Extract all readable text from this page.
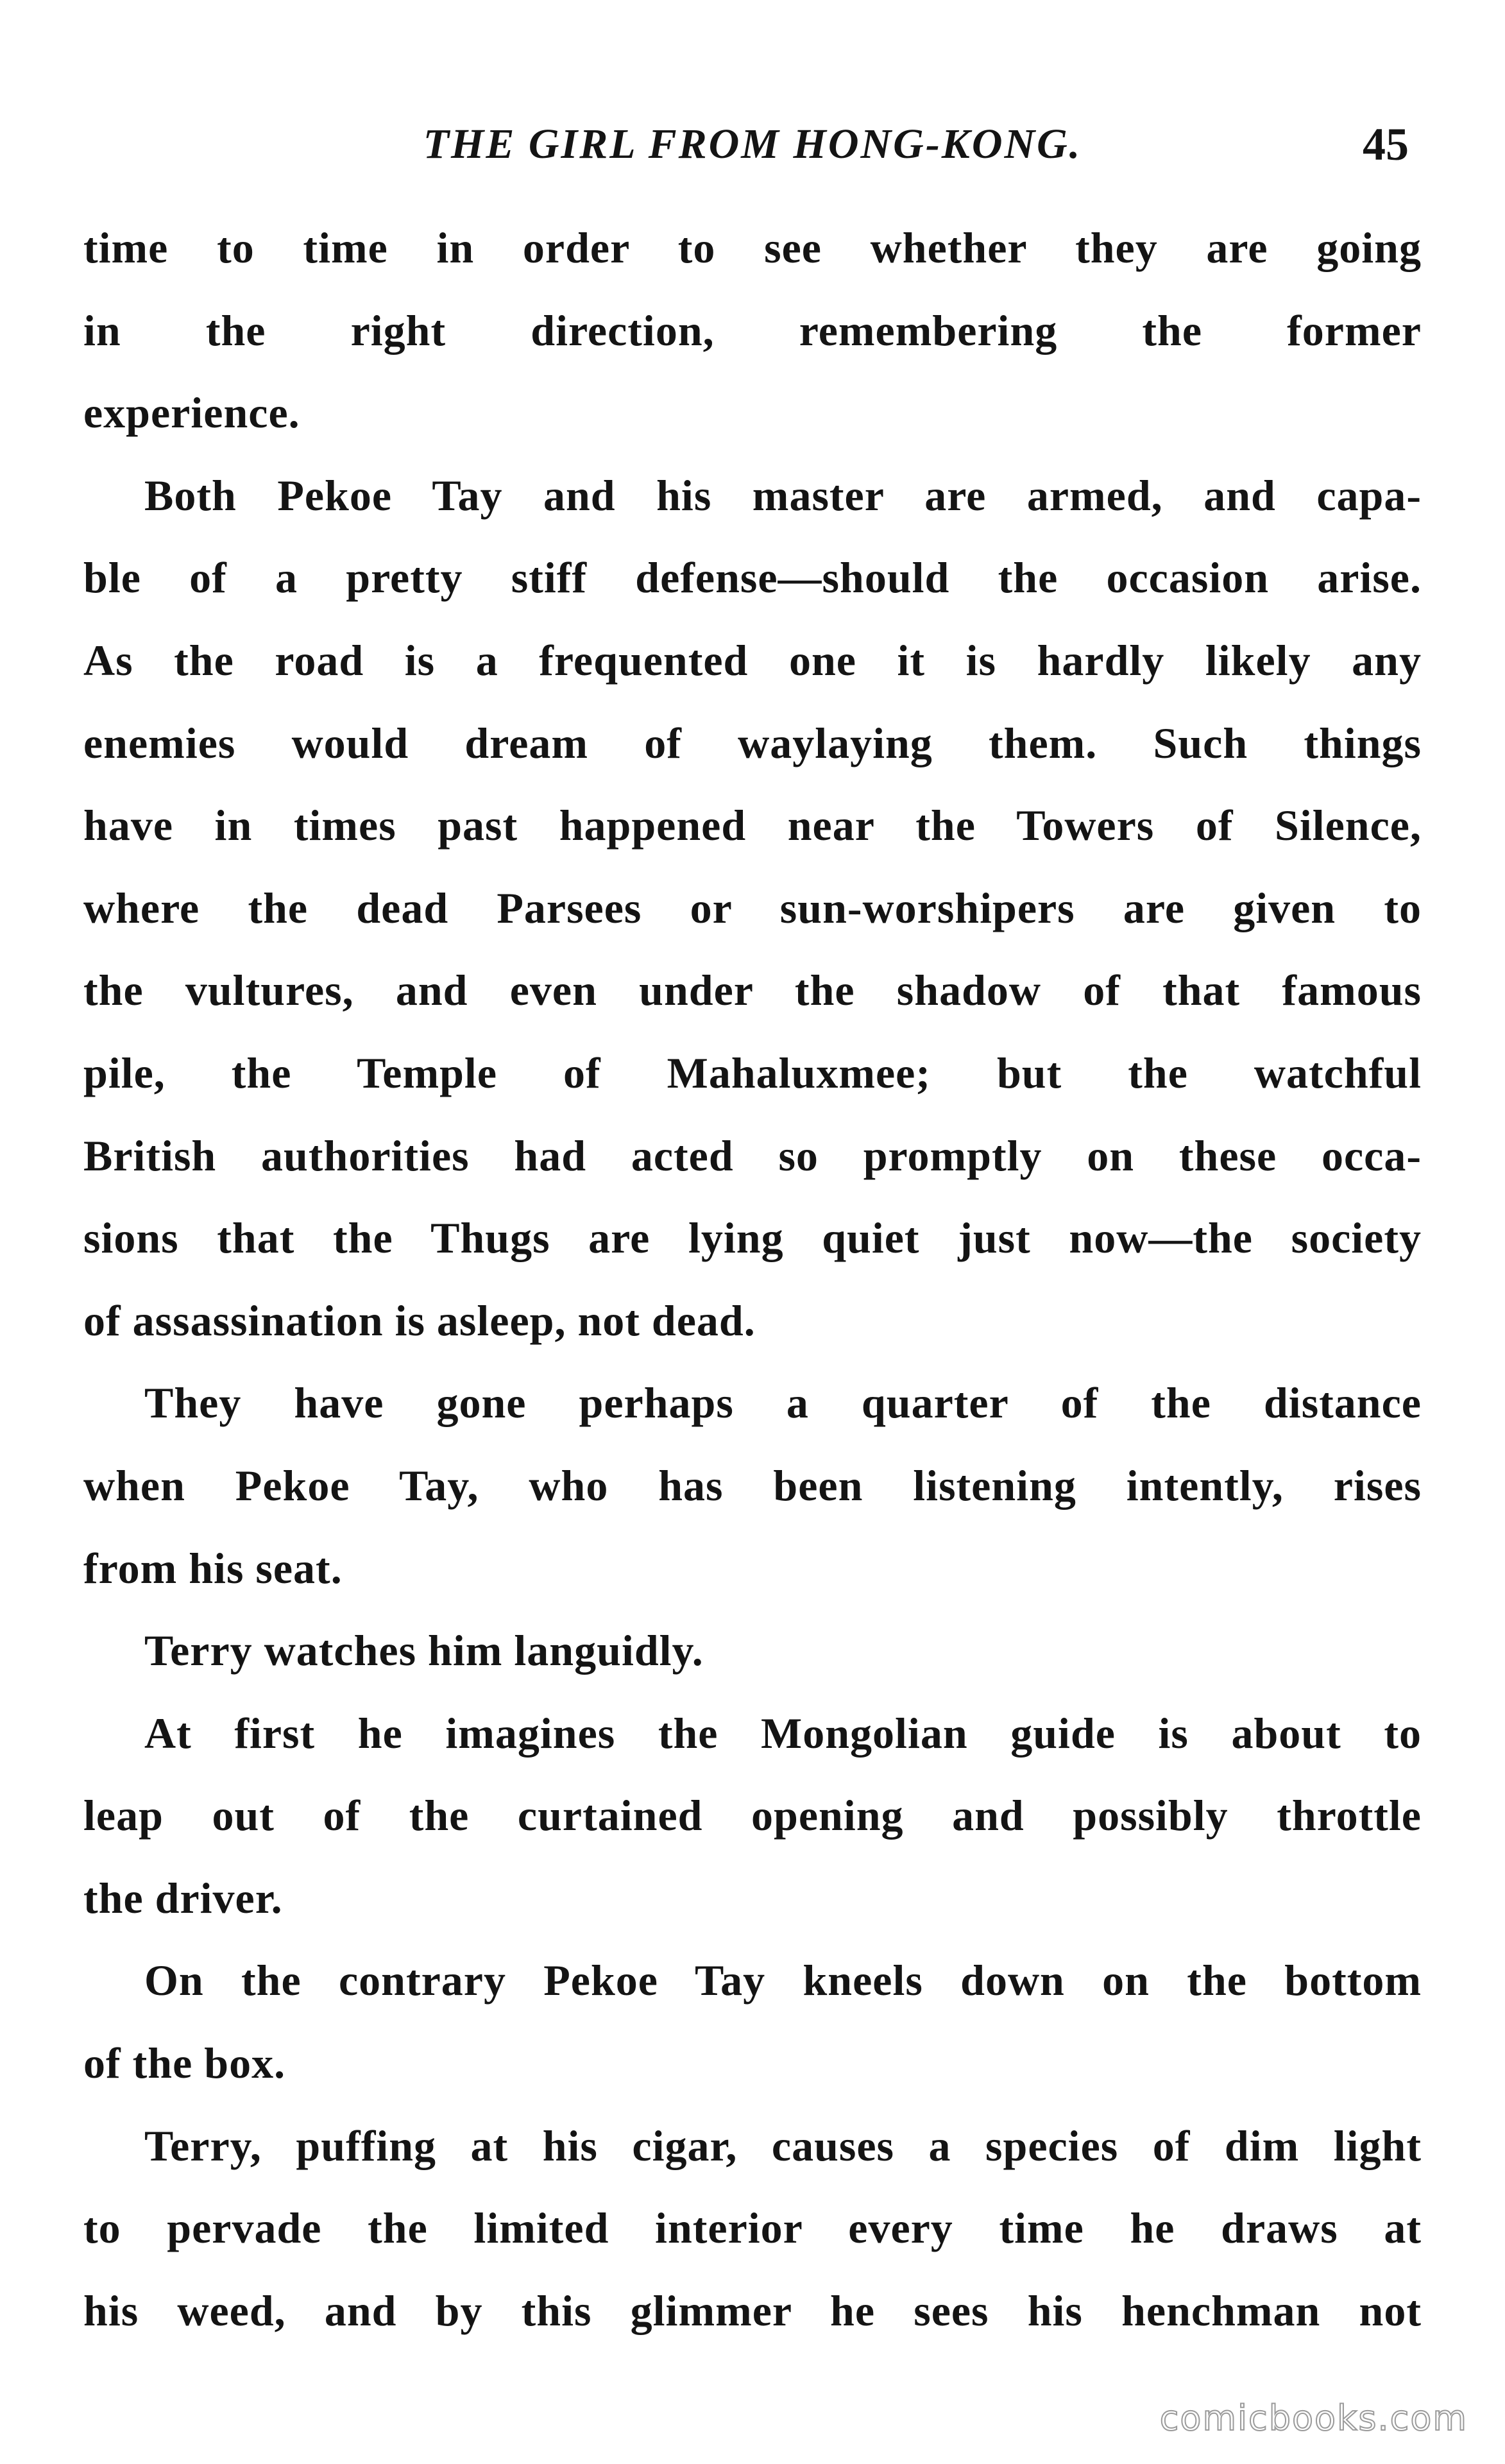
THE GIRL FROM HONG-KONG.	45
time to time in order to see whether they are going
in the right direction, remembering the former
experience.
Both Pekoe Tay and his master are armed, and capa-
ble of a pretty stiff defense—should the occasion arise.
As the road is a frequented one it is hardly likely any
enemies would dream of waylaying them. Such things
have in times past happened near the Towers of Silence,
where the dead Parsees or sun-worshipers are given to
the vultures, and even under the shadow of that famous
pile, the Temple of Mahaluxmee; but the watchful
British authorities had acted so promptly on these occa-
sions that the Thugs are lying quiet just now—the society
of assassination is asleep, not dead.
They have gone perhaps a quarter of the distance
when Pekoe Tay, who has been listening intently, rises
from his seat.
Terry watches him languidly.
At first he imagines the Mongolian guide is about to
leap out of the curtained opening and possibly throttle
the driver.
On the contrary Pekoe Tay kneels down on the bottom
of the box.
Terry, puffing at his cigar, causes a species of dim light
to pervade the limited interior every time he draws at
his weed, and by this glimmer he sees his henchman not
comicbooks.com
